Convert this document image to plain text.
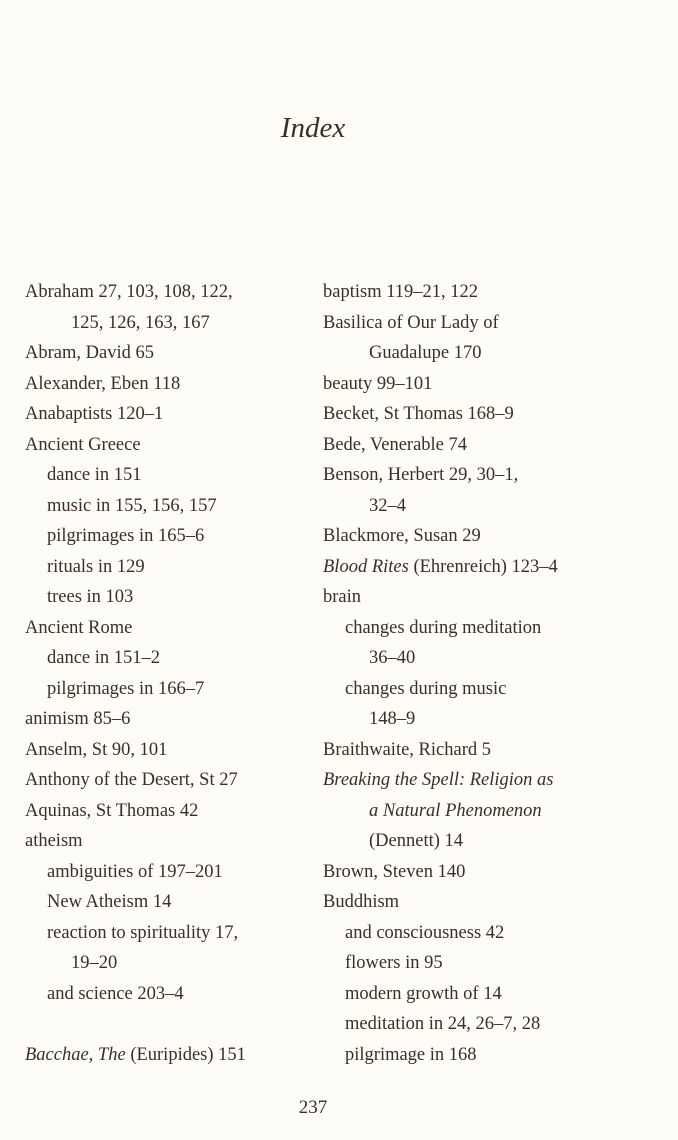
Index
Abraham 27, 103, 108, 122,
125, 126, 163, 167
Abram, David 65
Alexander, Eben 118
Anabaptists 120–1
Ancient Greece
dance in 151
music in 155, 156, 157
pilgrimages in 165–6
rituals in 129
trees in 103
Ancient Rome
dance in 151–2
pilgrimages in 166–7
animism 85–6
Anselm, St 90, 101
Anthony of the Desert, St 27
Aquinas, St Thomas 42
atheism
ambiguities of 197–201
New Atheism 14
reaction to spirituality 17,
19–20
and science 203–4
Bacchae, The (Euripides) 151
baptism 119–21, 122
Basilica of Our Lady of
Guadalupe 170
beauty 99–101
Becket, St Thomas 168–9
Bede, Venerable 74
Benson, Herbert 29, 30–1,
32–4
Blackmore, Susan 29
Blood Rites (Ehrenreich) 123–4
brain
changes during meditation
36–40
changes during music
148–9
Braithwaite, Richard 5
Breaking the Spell: Religion as
a Natural Phenomenon
(Dennett) 14
Brown, Steven 140
Buddhism
and consciousness 42
flowers in 95
modern growth of 14
meditation in 24, 26–7, 28
pilgrimage in 168
237
